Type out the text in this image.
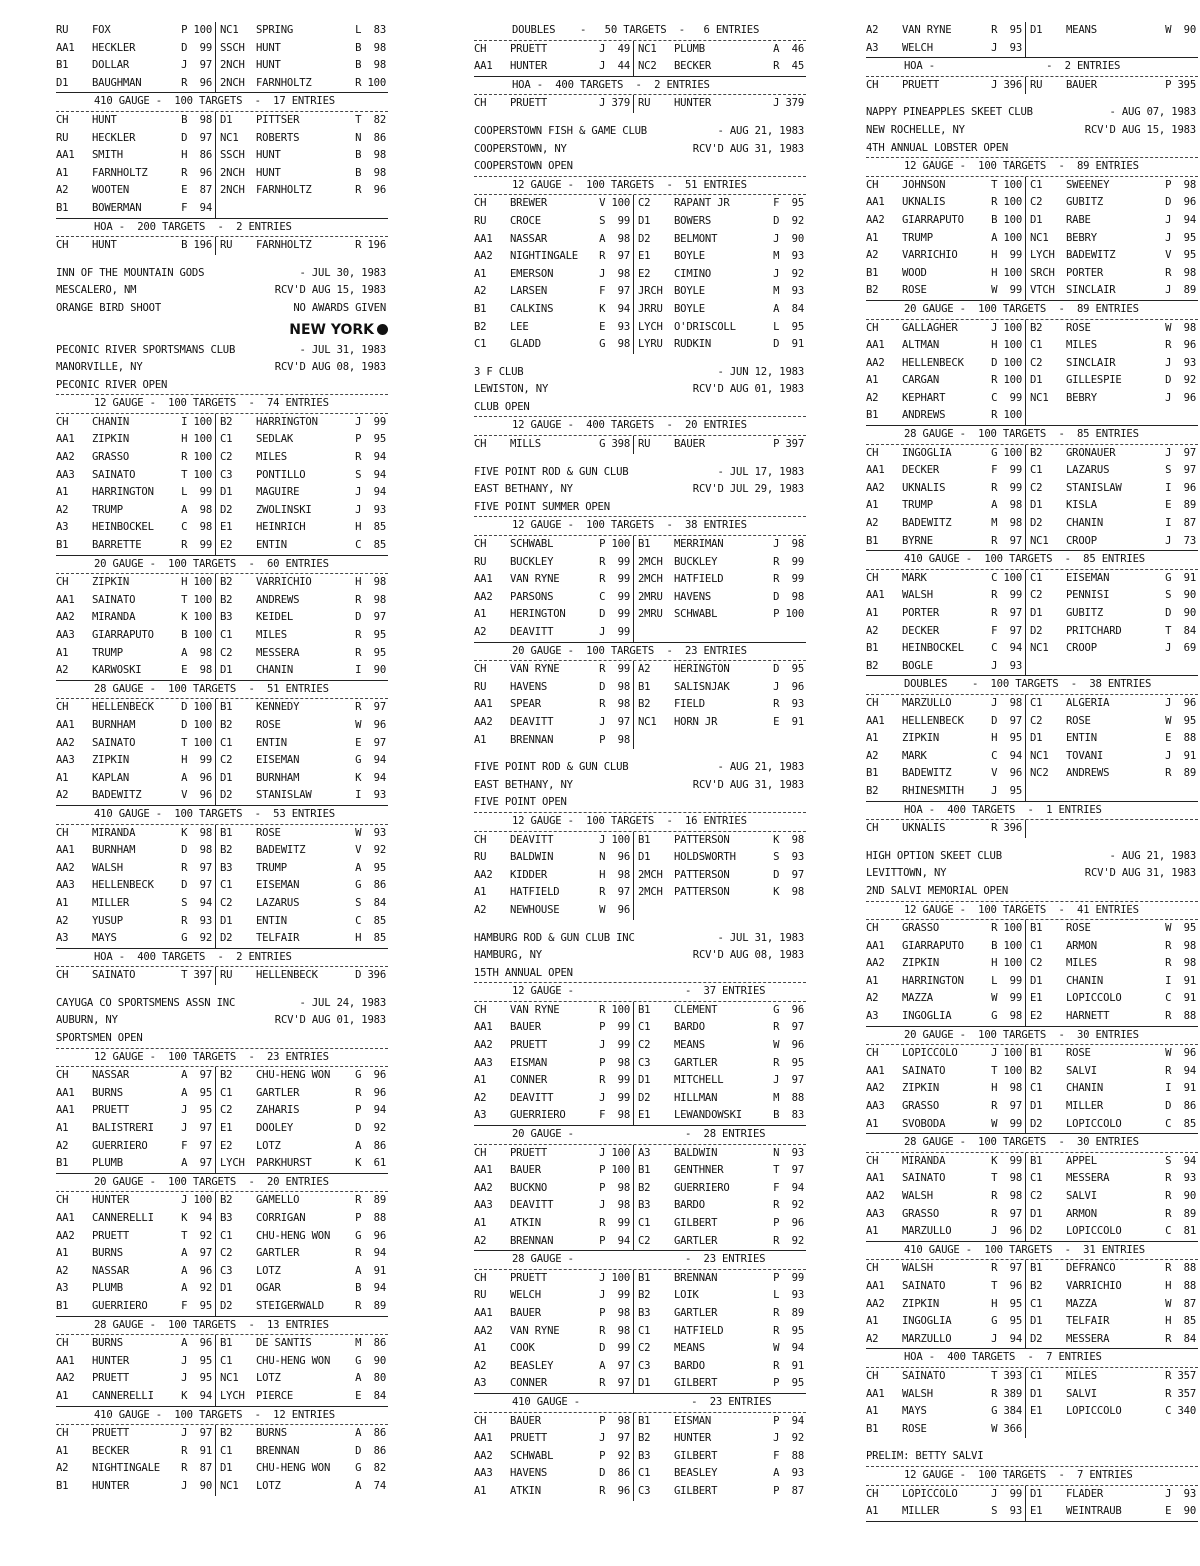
RU FOX	P 100 NC1 SPRING	L  83
AA1 HECKLER	D  99 SSCH HUNT	B  98
B1 DOLLAR	J  97 2NCH HUNT	B  98
D1 BAUGHMAN	R  96 2NCH FARNHOLTZ	R 100
410 GAUGE -  100 TARGETS  -  17 ENTRIES
CH HUNT	B  98 D1 PITTSER	T  82
RU HECKLER	D  97 NC1 ROBERTS	N  86
AA1 SMITH	H  86 SSCH HUNT	B  98
A1 FARNHOLTZ	R  96 2NCH HUNT	B  98
A2 WOOTEN	E  87 2NCH FARNHOLTZ	R  96
B1 BOWERMAN	F  94
HOA -  200 TARGETS  -  2 ENTRIES
CH HUNT	B 196 RU FARNHOLTZ	R 196
INN OF THE MOUNTAIN GODS	- JUL 30, 1983
MESCALERO, NM	RCV'D AUG 15, 1983
ORANGE BIRD SHOOT	NO AWARDS GIVEN
NEW YORK
PECONIC RIVER SPORTSMANS CLUB	- JUL 31, 1983
MANORVILLE, NY	RCV'D AUG 08, 1983
PECONIC RIVER OPEN
12 GAUGE -  100 TARGETS  -  74 ENTRIES
CH CHANIN	I 100 B2 HARRINGTON	J  99
AA1 ZIPKIN	H 100 C1 SEDLAK	P  95
AA2 GRASSO	R 100 C2 MILES	R  94
AA3 SAINATO	T 100 C3 PONTILLO	S  94
A1 HARRINGTON	L  99 D1 MAGUIRE	J  94
A2 TRUMP	A  98 D2 ZWOLINSKI	J  93
A3 HEINBOCKEL	C  98 E1 HEINRICH	H  85
B1 BARRETTE	R  99 E2 ENTIN	C  85
20 GAUGE -  100 TARGETS  -  60 ENTRIES
CH ZIPKIN	H 100 B2 VARRICHIO	H  98
AA1 SAINATO	T 100 B2 ANDREWS	R  98
AA2 MIRANDA	K 100 B3 KEIDEL	D  97
AA3 GIARRAPUTO	B 100 C1 MILES	R  95
A1 TRUMP	A  98 C2 MESSERA	R  95
A2 KARWOSKI	E  98 D1 CHANIN	I  90
28 GAUGE -  100 TARGETS  -  51 ENTRIES
CH HELLENBECK	D 100 B1 KENNEDY	R  97
AA1 BURNHAM	D 100 B2 ROSE	W  96
AA2 SAINATO	T 100 C1 ENTIN	E  97
AA3 ZIPKIN	H  99 C2 EISEMAN	G  94
A1 KAPLAN	A  96 D1 BURNHAM	K  94
A2 BADEWITZ	V  96 D2 STANISLAW	I  93
410 GAUGE -  100 TARGETS  -  53 ENTRIES
CH MIRANDA	K  98 B1 ROSE	W  93
AA1 BURNHAM	D  98 B2 BADEWITZ	V  92
AA2 WALSH	R  97 B3 TRUMP	A  95
AA3 HELLENBECK	D  97 C1 EISEMAN	G  86
A1 MILLER	S  94 C2 LAZARUS	S  84
A2 YUSUP	R  93 D1 ENTIN	C  85
A3 MAYS	G  92 D2 TELFAIR	H  85
HOA -  400 TARGETS  -  2 ENTRIES
CH SAINATO	T 397 RU HELLENBECK	D 396
CAYUGA CO SPORTSMENS ASSN INC	- JUL 24, 1983
AUBURN, NY	RCV'D AUG 01, 1983
SPORTSMEN OPEN
12 GAUGE -  100 TARGETS  -  23 ENTRIES
CH NASSAR	A  97 B2 CHU-HENG WON	G  96
AA1 BURNS	A  95 C1 GARTLER	R  96
AA1 PRUETT	J  95 C2 ZAHARIS	P  94
A1 BALISTRERI	J  97 E1 DOOLEY	D  92
A2 GUERRIERO	F  97 E2 LOTZ	A  86
B1 PLUMB	A  97 LYCH PARKHURST	K  61
20 GAUGE -  100 TARGETS  -  20 ENTRIES
CH HUNTER	J 100 B2 GAMELLO	R  89
AA1 CANNERELLI	K  94 B3 CORRIGAN	P  88
AA2 PRUETT	T  92 C1 CHU-HENG WON	G  96
A1 BURNS	A  97 C2 GARTLER	R  94
A2 NASSAR	A  96 C3 LOTZ	A  91
A3 PLUMB	A  92 D1 OGAR	B  94
B1 GUERRIERO	F  95 D2 STEIGERWALD	R  89
28 GAUGE -  100 TARGETS  -  13 ENTRIES
CH BURNS	A  96 B1 DE SANTIS	M  86
AA1 HUNTER	J  95 C1 CHU-HENG WON	G  90
AA2 PRUETT	J  95 NC1 LOTZ	A  80
A1 CANNERELLI	K  94 LYCH PIERCE	E  84
410 GAUGE -  100 TARGETS  -  12 ENTRIES
CH PRUETT	J  97 B2 BURNS	A  86
A1 BECKER	R  91 C1 BRENNAN	D  86
A2 NIGHTINGALE	R  87 D1 CHU-HENG WON	G  82
B1 HUNTER	J  90 NC1 LOTZ	A  74
DOUBLES    -   50 TARGETS  -   6 ENTRIES
CH PRUETT	J  49 NC1 PLUMB	A  46
AA1 HUNTER	J  44 NC2 BECKER	R  45
HOA -  400 TARGETS  -  2 ENTRIES
CH PRUETT	J 379 RU HUNTER	J 379
COOPERSTOWN FISH & GAME CLUB	- AUG 21, 1983
COOPERSTOWN, NY	RCV'D AUG 31, 1983
COOPERSTOWN OPEN
12 GAUGE -  100 TARGETS  -  51 ENTRIES
CH BREWER	V 100 C2 RAPANT JR	F  95
RU CROCE	S  99 D1 BOWERS	D  92
AA1 NASSAR	A  98 D2 BELMONT	J  90
AA2 NIGHTINGALE	R  97 E1 BOYLE	M  93
A1 EMERSON	J  98 E2 CIMINO	J  92
A2 LARSEN	F  97 JRCH BOYLE	M  93
B1 CALKINS	K  94 JRRU BOYLE	A  84
B2 LEE	E  93 LYCH O'DRISCOLL	L  95
C1 GLADD	G  98 LYRU RUDKIN	D  91
3 F CLUB	- JUN 12, 1983
LEWISTON, NY	RCV'D AUG 01, 1983
CLUB OPEN
12 GAUGE -  400 TARGETS  -  20 ENTRIES
CH MILLS	G 398 RU BAUER	P 397
FIVE POINT ROD & GUN CLUB	- JUL 17, 1983
EAST BETHANY, NY	RCV'D JUL 29, 1983
FIVE POINT SUMMER OPEN
12 GAUGE -  100 TARGETS  -  38 ENTRIES
CH SCHWABL	P 100 B1 MERRIMAN	J  98
RU BUCKLEY	R  99 2MCH BUCKLEY	R  99
AA1 VAN RYNE	R  99 2MCH HATFIELD	R  99
AA2 PARSONS	C  99 2MRU HAVENS	D  98
A1 HERINGTON	D  99 2MRU SCHWABL	P 100
A2 DEAVITT	J  99
20 GAUGE -  100 TARGETS  -  23 ENTRIES
CH VAN RYNE	R  99 A2 HERINGTON	D  95
RU HAVENS	D  98 B1 SALISNJAK	J  96
AA1 SPEAR	R  98 B2 FIELD	R  93
AA2 DEAVITT	J  97 NC1 HORN JR	E  91
A1 BRENNAN	P  98
FIVE POINT ROD & GUN CLUB	- AUG 21, 1983
EAST BETHANY, NY	RCV'D AUG 31, 1983
FIVE POINT OPEN
12 GAUGE -  100 TARGETS  -  16 ENTRIES
CH DEAVITT	J 100 B1 PATTERSON	K  98
RU BALDWIN	N  96 D1 HOLDSWORTH	S  93
AA2 KIDDER	H  98 2MCH PATTERSON	D  97
A1 HATFIELD	R  97 2MCH PATTERSON	K  98
A2 NEWHOUSE	W  96
HAMBURG ROD & GUN CLUB INC	- JUL 31, 1983
HAMBURG, NY	RCV'D AUG 08, 1983
15TH ANNUAL OPEN
12 GAUGE -                  -  37 ENTRIES
CH VAN RYNE	R 100 B1 CLEMENT	G  96
AA1 BAUER	P  99 C1 BARDO	R  97
AA2 PRUETT	J  99 C2 MEANS	W  96
AA3 EISMAN	P  98 C3 GARTLER	R  95
A1 CONNER	R  99 D1 MITCHELL	J  97
A2 DEAVITT	J  99 D2 HILLMAN	M  88
A3 GUERRIERO	F  98 E1 LEWANDOWSKI	B  83
20 GAUGE -                  -  28 ENTRIES
CH PRUETT	J 100 A3 BALDWIN	N  93
AA1 BAUER	P 100 B1 GENTHNER	T  97
AA2 BUCKNO	P  98 B2 GUERRIERO	F  94
AA3 DEAVITT	J  98 B3 BARDO	R  92
A1 ATKIN	R  99 C1 GILBERT	P  96
A2 BRENNAN	P  94 C2 GARTLER	R  92
28 GAUGE -                  -  23 ENTRIES
CH PRUETT	J 100 B1 BRENNAN	P  99
RU WELCH	J  99 B2 LOIK	L  93
AA1 BAUER	P  98 B3 GARTLER	R  89
AA2 VAN RYNE	R  98 C1 HATFIELD	R  95
A1 COOK	D  99 C2 MEANS	W  94
A2 BEASLEY	A  97 C3 BARDO	R  91
A3 CONNER	R  97 D1 GILBERT	P  95
410 GAUGE -                  -  23 ENTRIES
CH BAUER	P  98 B1 EISMAN	P  94
AA1 PRUETT	J  97 B2 HUNTER	J  92
AA2 SCHWABL	P  92 B3 GILBERT	F  88
AA3 HAVENS	D  86 C1 BEASLEY	A  93
A1 ATKIN	R  96 C3 GILBERT	P  87
A2 VAN RYNE	R  95 D1 MEANS	W  90
A3 WELCH	J  93
HOA -                  -  2 ENTRIES
CH PRUETT	J 396 RU BAUER	P 395
NAPPY PINEAPPLES SKEET CLUB	- AUG 07, 1983
NEW ROCHELLE, NY	RCV'D AUG 15, 1983
4TH ANNUAL LOBSTER OPEN
12 GAUGE -  100 TARGETS  -  89 ENTRIES
CH JOHNSON	T 100 C1 SWEENEY	P  98
AA1 UKNALIS	R 100 C2 GUBITZ	D  96
AA2 GIARRAPUTO	B 100 D1 RABE	J  94
A1 TRUMP	A 100 NC1 BEBRY	J  95
A2 VARRICHIO	H  99 LYCH BADEWITZ	V  95
B1 WOOD	H 100 SRCH PORTER	R  98
B2 ROSE	W  99 VTCH SINCLAIR	J  89
20 GAUGE -  100 TARGETS  -  89 ENTRIES
CH GALLAGHER	J 100 B2 ROSE	W  98
AA1 ALTMAN	H 100 C1 MILES	R  96
AA2 HELLENBECK	D 100 C2 SINCLAIR	J  93
A1 CARGAN	R 100 D1 GILLESPIE	D  92
A2 KEPHART	C  99 NC1 BEBRY	J  96
B1 ANDREWS	R 100
28 GAUGE -  100 TARGETS  -  85 ENTRIES
CH INGOGLIA	G 100 B2 GRONAUER	J  97
AA1 DECKER	F  99 C1 LAZARUS	S  97
AA2 UKNALIS	R  99 C2 STANISLAW	I  96
A1 TRUMP	A  98 D1 KISLA	E  89
A2 BADEWITZ	M  98 D2 CHANIN	I  87
B1 BYRNE	R  97 NC1 CROOP	J  73
410 GAUGE -  100 TARGETS  -  85 ENTRIES
CH MARK	C 100 C1 EISEMAN	G  91
AA1 WALSH	R  99 C2 PENNISI	S  90
A1 PORTER	R  97 D1 GUBITZ	D  90
A2 DECKER	F  97 D2 PRITCHARD	T  84
B1 HEINBOCKEL	C  94 NC1 CROOP	J  69
B2 BOGLE	J  93
DOUBLES    -  100 TARGETS  -  38 ENTRIES
CH MARZULLO	J  98 C1 ALGERIA	J  96
AA1 HELLENBECK	D  97 C2 ROSE	W  95
A1 ZIPKIN	H  95 D1 ENTIN	E  88
A2 MARK	C  94 NC1 TOVANI	J  91
B1 BADEWITZ	V  96 NC2 ANDREWS	R  89
B2 RHINESMITH	J  95
HOA -  400 TARGETS  -  1 ENTRIES
CH UKNALIS	R 396
HIGH OPTION SKEET CLUB	- AUG 21, 1983
LEVITTOWN, NY	RCV'D AUG 31, 1983
2ND SALVI MEMORIAL OPEN
12 GAUGE -  100 TARGETS  -  41 ENTRIES
CH GRASSO	R 100 B1 ROSE	W  95
AA1 GIARRAPUTO	B 100 C1 ARMON	R  98
AA2 ZIPKIN	H 100 C2 MILES	R  98
A1 HARRINGTON	L  99 D1 CHANIN	I  91
A2 MAZZA	W  99 E1 LOPICCOLO	C  91
A3 INGOGLIA	G  98 E2 HARNETT	R  88
20 GAUGE -  100 TARGETS  -  30 ENTRIES
CH LOPICCOLO	J 100 B1 ROSE	W  96
AA1 SAINATO	T 100 B2 SALVI	R  94
AA2 ZIPKIN	H  98 C1 CHANIN	I  91
AA3 GRASSO	R  97 D1 MILLER	D  86
A1 SVOBODA	W  99 D2 LOPICCOLO	C  85
28 GAUGE -  100 TARGETS  -  30 ENTRIES
CH MIRANDA	K  99 B1 APPEL	S  94
AA1 SAINATO	T  98 C1 MESSERA	R  93
AA2 WALSH	R  98 C2 SALVI	R  90
AA3 GRASSO	R  97 D1 ARMON	R  89
A1 MARZULLO	J  96 D2 LOPICCOLO	C  81
410 GAUGE -  100 TARGETS  -  31 ENTRIES
CH WALSH	R  97 B1 DEFRANCO	R  88
AA1 SAINATO	T  96 B2 VARRICHIO	H  88
AA2 ZIPKIN	H  95 C1 MAZZA	W  87
A1 INGOGLIA	G  95 D1 TELFAIR	H  85
A2 MARZULLO	J  94 D2 MESSERA	R  84
HOA -  400 TARGETS  -  7 ENTRIES
CH SAINATO	T 393 C1 MILES	R 357
AA1 WALSH	R 389 D1 SALVI	R 357
A1 MAYS	G 384 E1 LOPICCOLO	C 340
B1 ROSE	W 366
PRELIM: BETTY SALVI
12 GAUGE -  100 TARGETS  -  7 ENTRIES
CH LOPICCOLO	J  99 D1 FLADER	J  93
A1 MILLER	S  93 E1 WEINTRAUB	E  90
